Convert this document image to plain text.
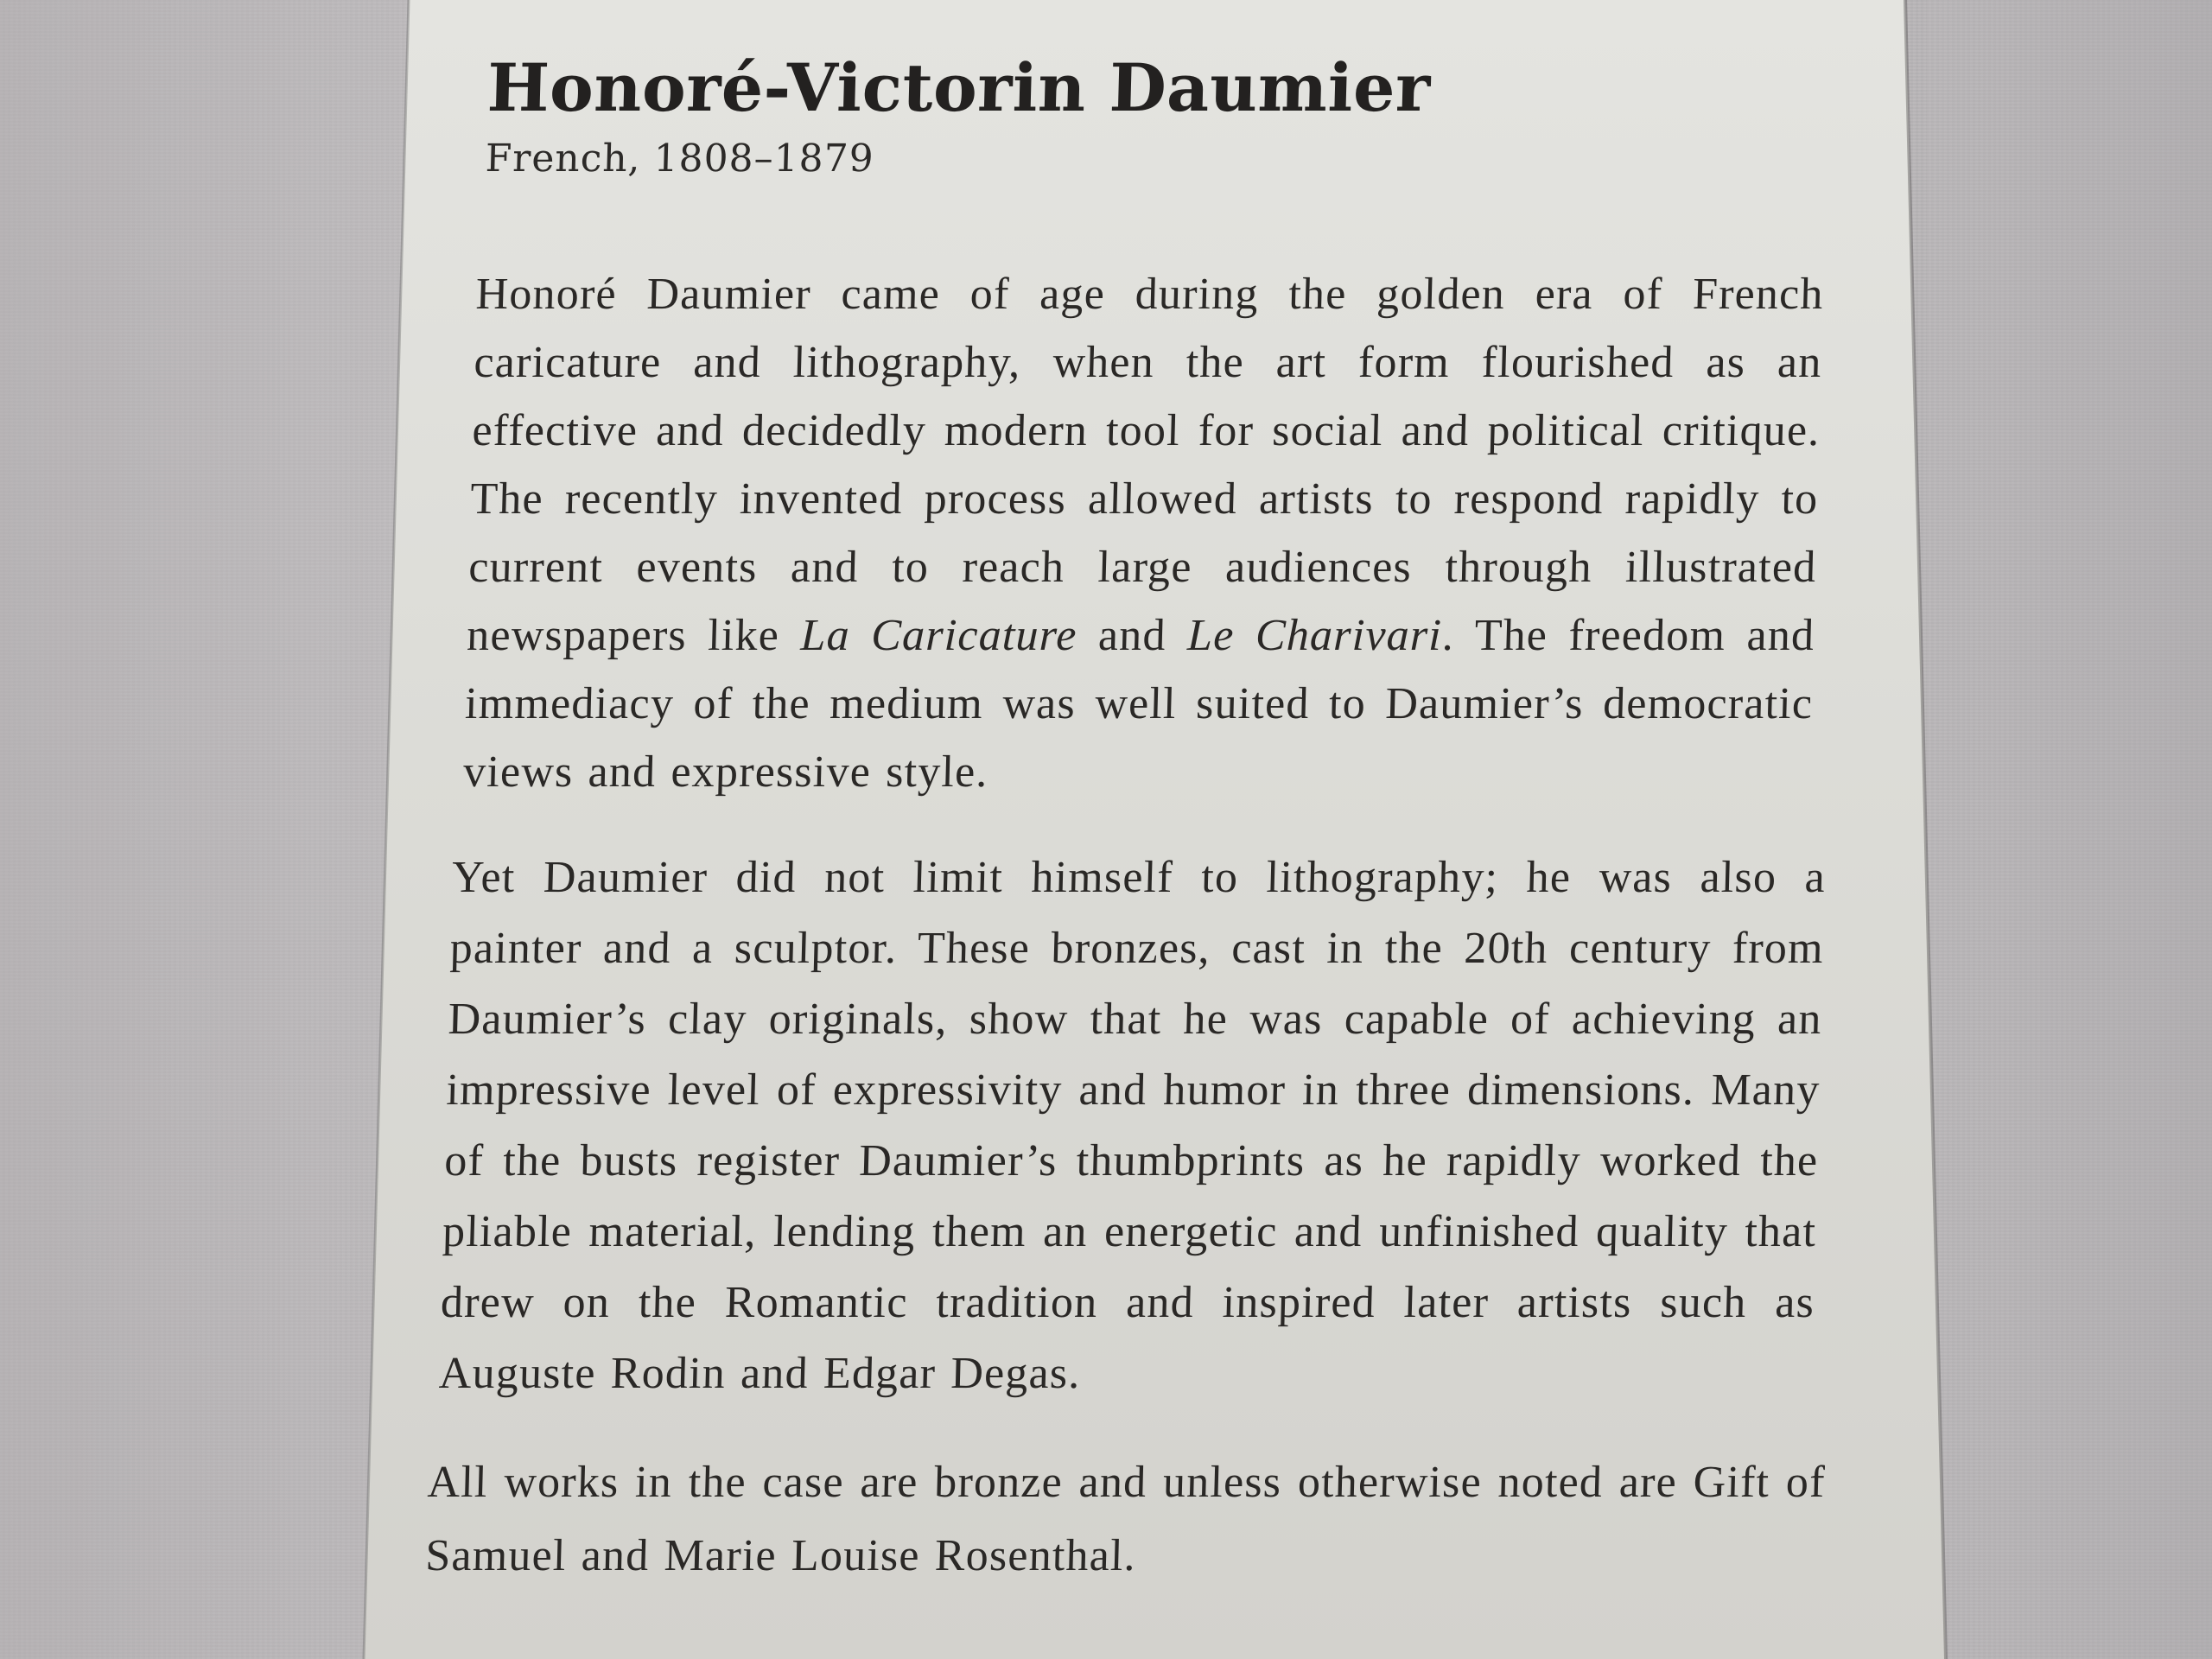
Honoré-Victorin Daumier
French, 1808–1879

Honoré Daumier came of age during the golden era of French caricature and lithography, when the art form flourished as an effective and decidedly modern tool for social and political critique. The recently invented process allowed artists to respond rapidly to current events and to reach large audiences through illustrated newspapers like La Caricature and Le Charivari. The freedom and immediacy of the medium was well suited to Daumier’s democratic views and expressive style.

Yet Daumier did not limit himself to lithography; he was also a painter and a sculptor. These bronzes, cast in the 20th century from Daumier’s clay originals, show that he was capable of achieving an impressive level of expressivity and humor in three dimensions. Many of the busts register Daumier’s thumbprints as he rapidly worked the pliable material, lending them an energetic and unfinished quality that drew on the Romantic tradition and inspired later artists such as Auguste Rodin and Edgar Degas.

All works in the case are bronze and unless otherwise noted are Gift of Samuel and Marie Louise Rosenthal.
